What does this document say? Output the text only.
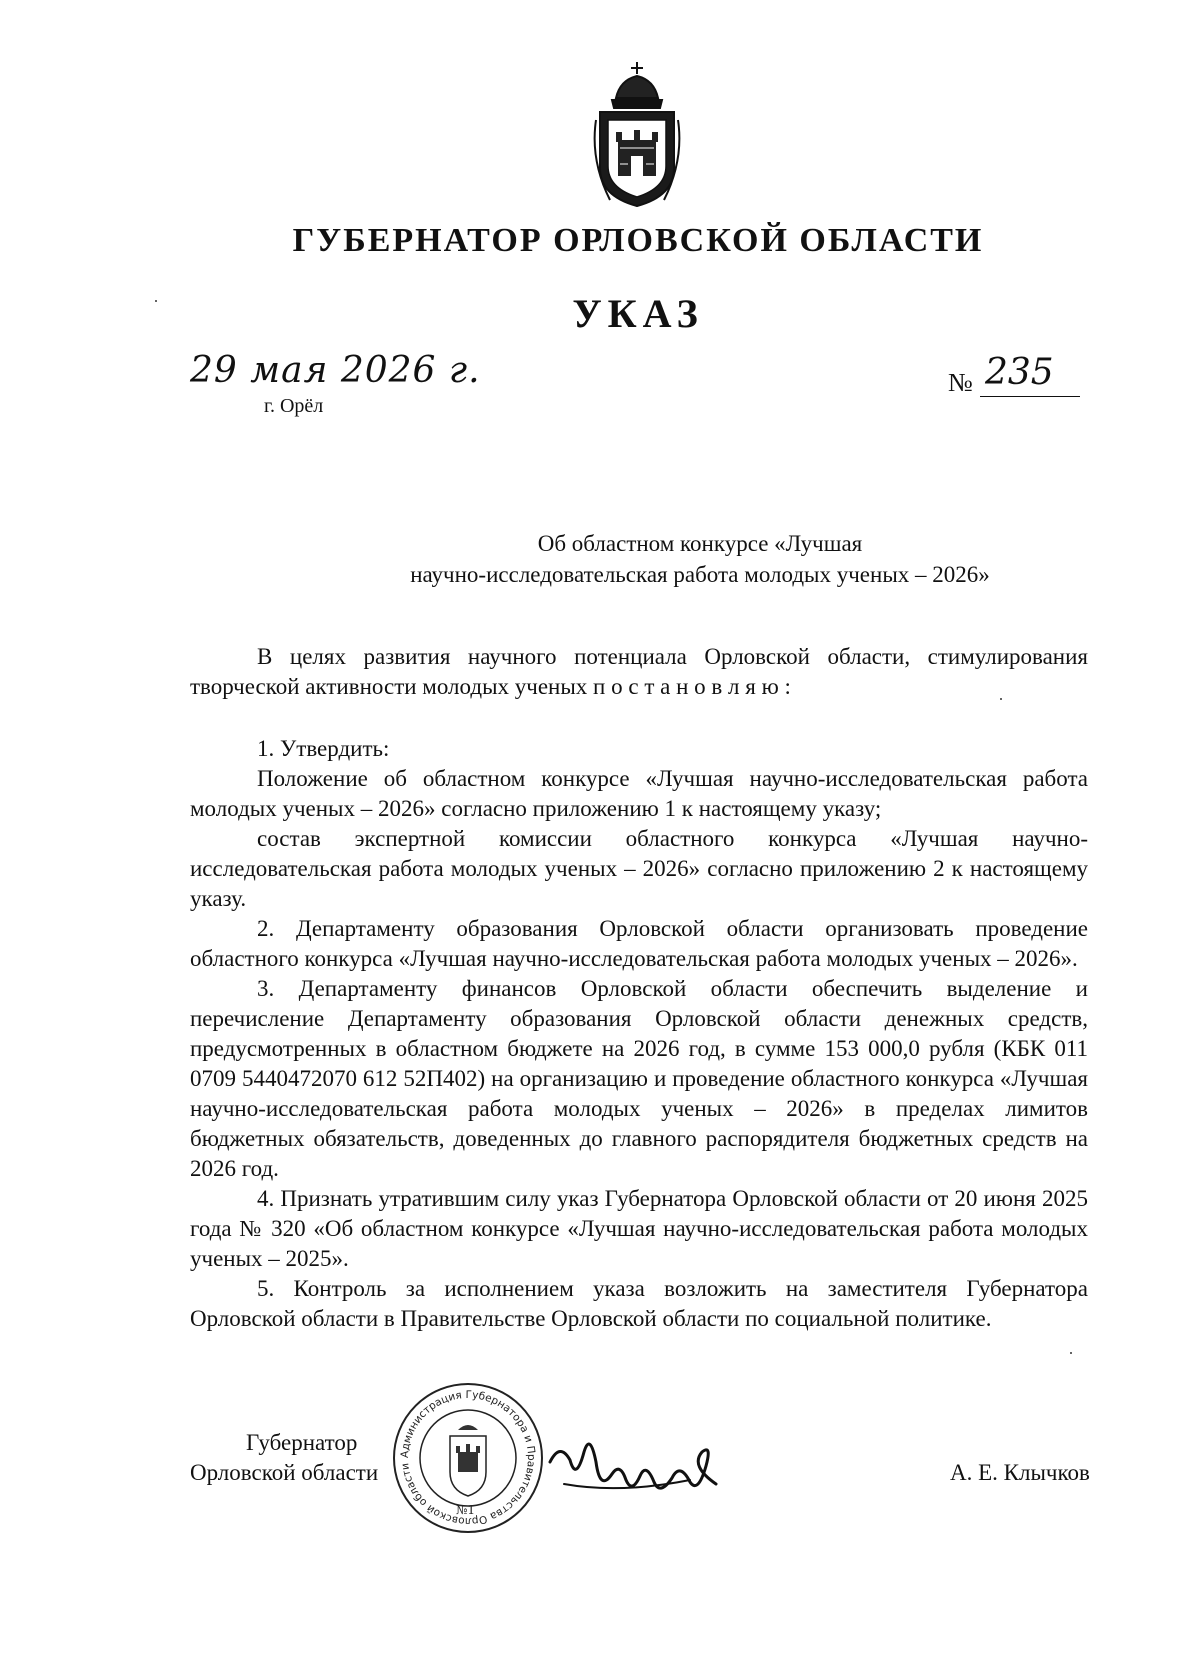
ГУБЕРНАТОР ОРЛОВСКОЙ ОБЛАСТИ
УКАЗ
29 мая 2026 г.
г. Орёл
№ 235
Об областном конкурсе «Лучшая
научно-исследовательская работа молодых ученых – 2026»

В целях развития научного потенциала Орловской области, стимулирования творческой активности молодых ученых п о с т а н о в л я ю :

1. Утвердить:

Положение об областном конкурсе «Лучшая научно-исследовательская работа молодых ученых – 2026» согласно приложению 1 к настоящему указу;

состав экспертной комиссии областного конкурса «Лучшая научно-исследовательская работа молодых ученых – 2026» согласно приложению 2 к настоящему указу.

2. Департаменту образования Орловской области организовать проведение областного конкурса «Лучшая научно-исследовательская работа молодых ученых – 2026».

3. Департаменту финансов Орловской области обеспечить выделение и перечисление Департаменту образования Орловской области денежных средств, предусмотренных в областном бюджете на 2026 год, в сумме 153 000,0 рубля (КБК 011 0709 5440472070 612 52П402) на организацию и проведение областного конкурса «Лучшая научно-исследовательская работа молодых ученых – 2026» в пределах лимитов бюджетных обязательств, доведенных до главного распорядителя бюджетных средств на 2026 год.

4. Признать утратившим силу указ Губернатора Орловской области от 20 июня 2025 года № 320 «Об областном конкурсе «Лучшая научно-исследовательская работа молодых ученых – 2025».

5. Контроль за исполнением указа возложить на заместителя Губернатора Орловской области в Правительстве Орловской области по социальной политике.

Губернатор
Орловской области
Администрация Губернатора и Правительства Орловской области
№1
А. Е. Клычков
